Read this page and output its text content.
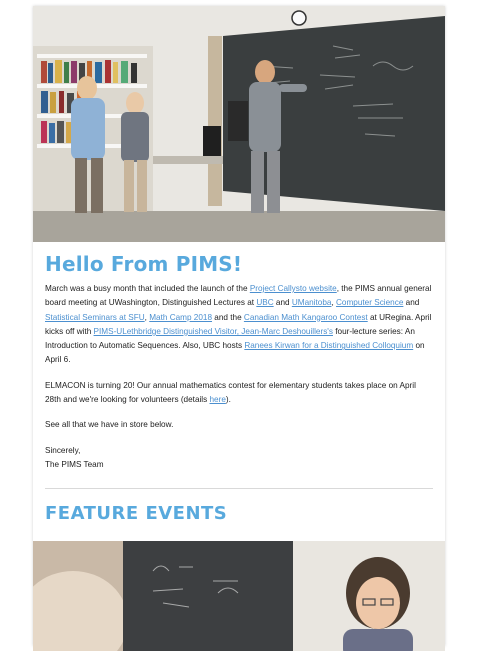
Hello From PIMS!

March was a busy month that included the launch of the Project Callysto website, the PIMS annual general board meeting at UWashington, Distinguished Lectures at UBC and UManitoba, Computer Science and Statistical Seminars at SFU, Math Camp 2018 and the Canadian Math Kangaroo Contest at URegina. April kicks off with PIMS-ULethbridge Distinguished Visitor, Jean-Marc Deshouillers's four-lecture series: An Introduction to Automatic Sequences. Also, UBC hosts Ranees Kirwan for a Distinguished Colloquium on April 6.

ELMACON is turning 20! Our annual mathematics contest for elementary students takes place on April 28th and we're looking for volunteers (details here).

See all that we have in store below.

Sincerely,

The PIMS Team

FEATURE EVENTS
